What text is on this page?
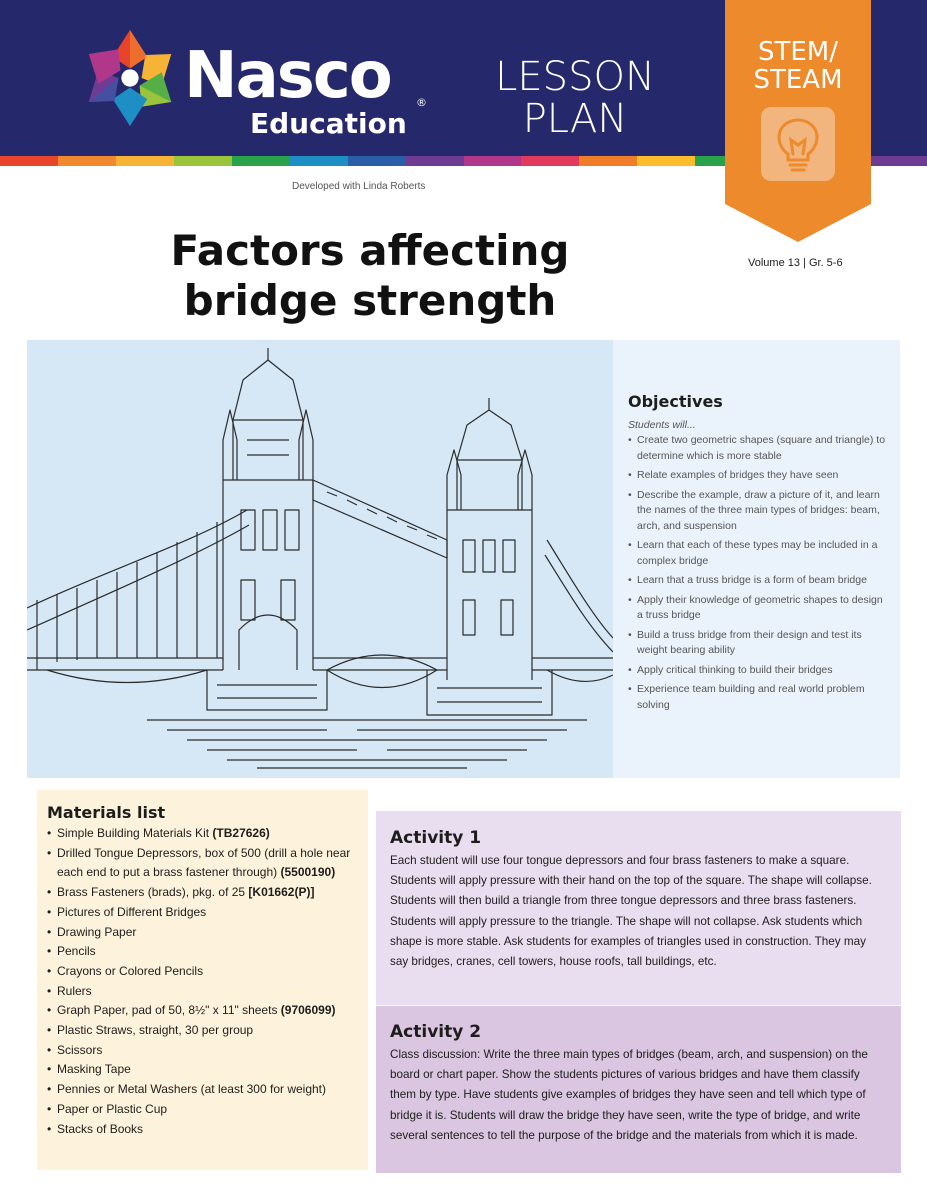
Nasco ®
Education
LESSON
PLAN
STEM/
STEAM
Developed with Linda Roberts
Volume 13 | Gr. 5-6
Factors affecting
bridge strength
Objectives
Students will...
• Create two geometric shapes (square and triangle) to determine which is more stable
• Relate examples of bridges they have seen
• Describe the example, draw a picture of it, and learn the names of the three main types of bridges: beam, arch, and suspension
• Learn that each of these types may be included in a complex bridge
• Learn that a truss bridge is a form of beam bridge
• Apply their knowledge of geometric shapes to design a truss bridge
• Build a truss bridge from their design and test its weight bearing ability
• Apply critical thinking to build their bridges
• Experience team building and real world problem solving
Materials list
• Simple Building Materials Kit (TB27626)
• Drilled Tongue Depressors, box of 500 (drill a hole near each end to put a brass fastener through) (5500190)
• Brass Fasteners (brads), pkg. of 25 [K01662(P)]
• Pictures of Different Bridges
• Drawing Paper
• Pencils
• Crayons or Colored Pencils
• Rulers
• Graph Paper, pad of 50, 8½" x 11" sheets (9706099)
• Plastic Straws, straight, 30 per group
• Scissors
• Masking Tape
• Pennies or Metal Washers (at least 300 for weight)
• Paper or Plastic Cup
• Stacks of Books
Activity 1

Each student will use four tongue depressors and four brass fasteners to make a square. Students will apply pressure with their hand on the top of the square. The shape will collapse. Students will then build a triangle from three tongue depressors and three brass fasteners. Students will apply pressure to the triangle. The shape will not collapse. Ask students which shape is more stable. Ask students for examples of triangles used in construction. They may say bridges, cranes, cell towers, house roofs, tall buildings, etc.

Activity 2

Class discussion: Write the three main types of bridges (beam, arch, and suspension) on the board or chart paper. Show the students pictures of various bridges and have them classify them by type. Have students give examples of bridges they have seen and tell which type of bridge it is. Students will draw the bridge they have seen, write the type of bridge, and write several sentences to tell the purpose of the bridge and the materials from which it is made.
